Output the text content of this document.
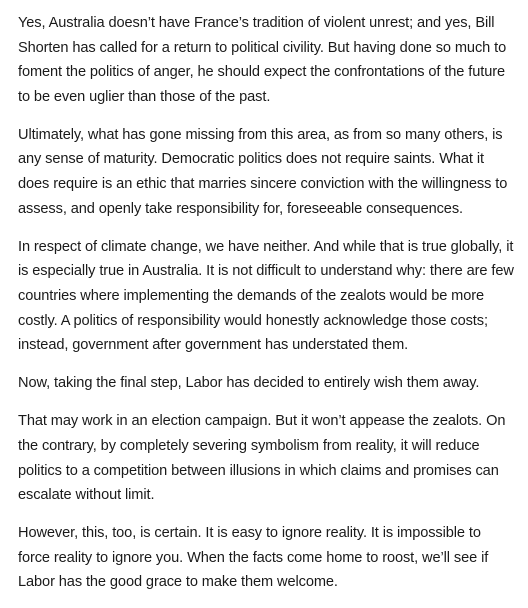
Yes, Australia doesn’t have France’s tradition of violent unrest; and yes, Bill Shorten has called for a return to political civility. But having done so much to foment the politics of anger, he should expect the confrontations of the future to be even uglier than those of the past.

Ultimately, what has gone missing from this area, as from so many others, is any sense of maturity. Democratic politics does not require saints. What it does require is an ethic that marries sincere conviction with the willingness to assess, and openly take responsibility for, foreseeable consequences.

In respect of climate change, we have neither. And while that is true globally, it is especially true in Australia. It is not difficult to understand why: there are few countries where implementing the demands of the zealots would be more costly. A politics of responsibility would honestly acknowledge those costs; instead, government after government has understated them.

Now, taking the final step, Labor has decided to entirely wish them away.

That may work in an election campaign. But it won’t appease the zealots. On the contrary, by completely severing symbolism from reality, it will reduce politics to a competition between illusions in which claims and promises can escalate without limit.

However, this, too, is certain. It is easy to ignore reality. It is impossible to force reality to ignore you. When the facts come home to roost, we’ll see if Labor has the good grace to make them welcome.
